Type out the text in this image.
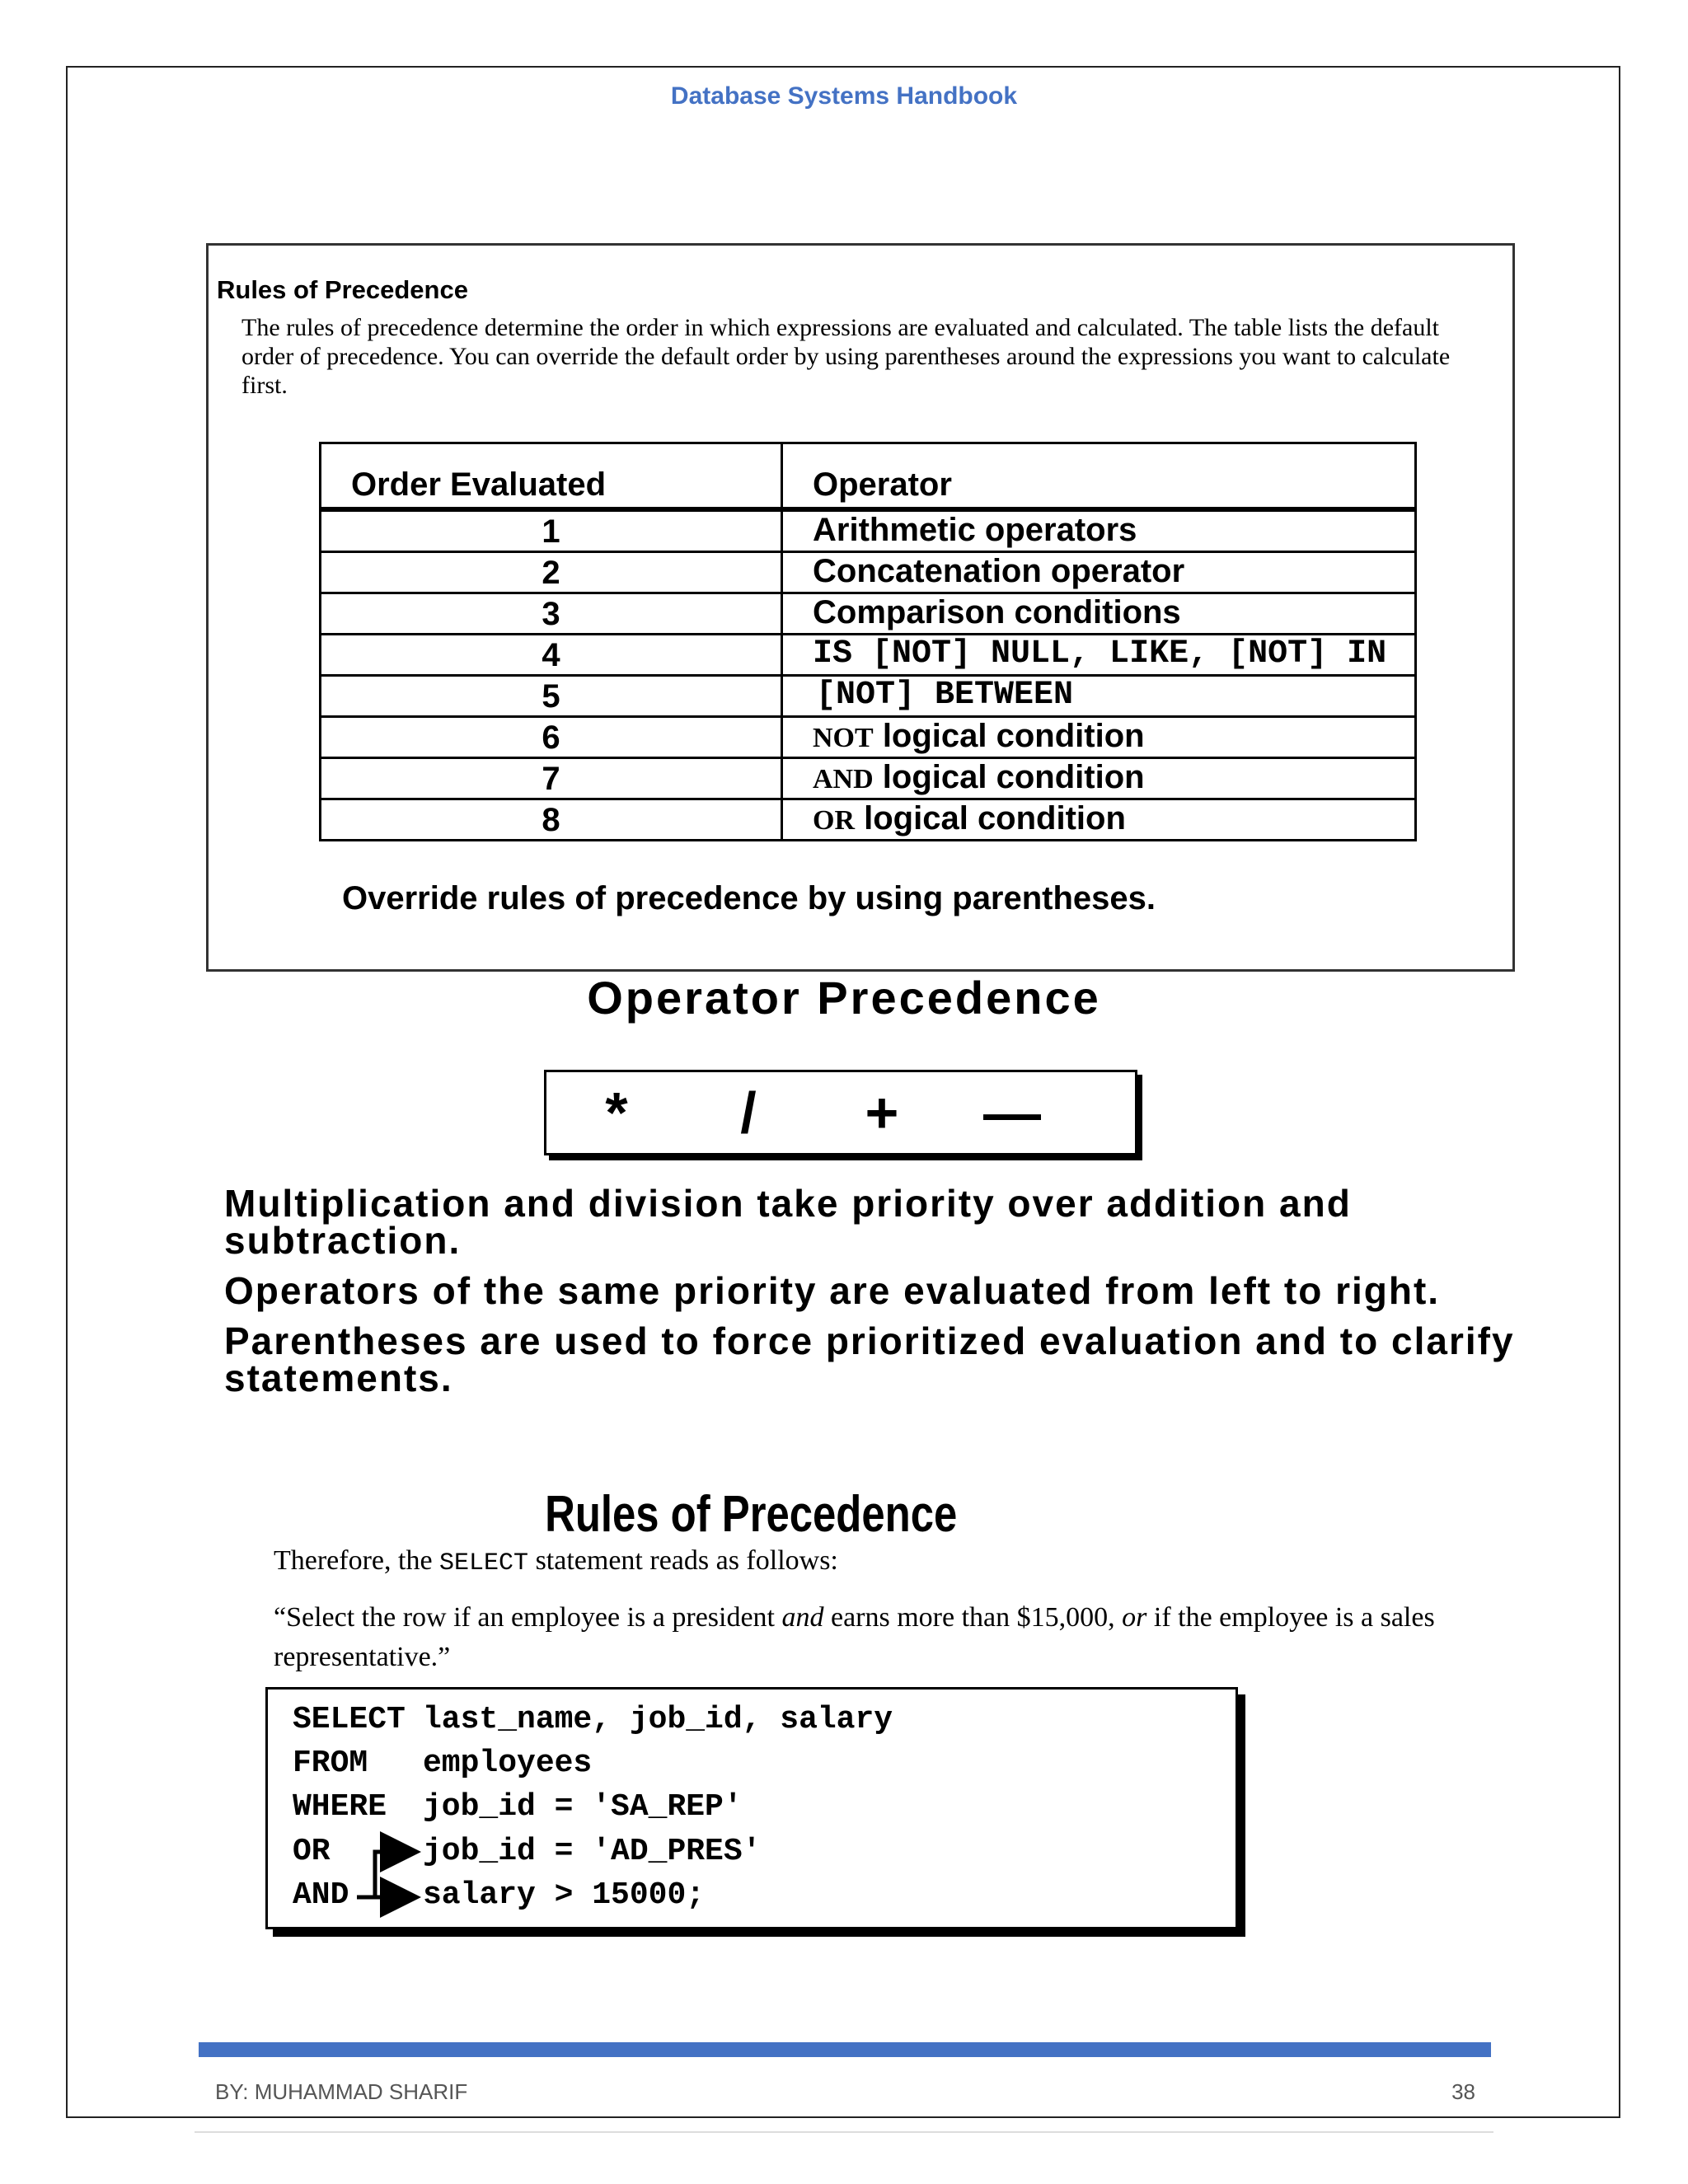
Database Systems Handbook
Rules of Precedence
The rules of precedence determine the order in which expressions are evaluated and calculated. The table lists the default order of precedence. You can override the default order by using parentheses around the expressions you want to calculate first.
Order Evaluated	Operator
1	Arithmetic operators
2	Concatenation operator
3	Comparison conditions
4	IS [NOT] NULL, LIKE, [NOT] IN
5	[NOT] BETWEEN
6	NOT logical condition
7	AND logical condition
8	OR logical condition
Override rules of precedence by using parentheses.
Operator Precedence
*	/	+	—

Multiplication and division take priority over addition and subtraction.

Operators of the same priority are evaluated from left to right.

Parentheses are used to force prioritized evaluation and to clarify statements.

Rules of Precedence

Therefore, the SELECT statement reads as follows:

“Select the row if an employee is a president and earns more than $15,000, or if the employee is a sales representative.”

SELECT last_name, job_id, salary
FROM employees
WHERE job_id = 'SA_REP'
OR	job_id = 'AD_PRES'
AND salary > 15000;
BY: MUHAMMAD SHARIF	38
